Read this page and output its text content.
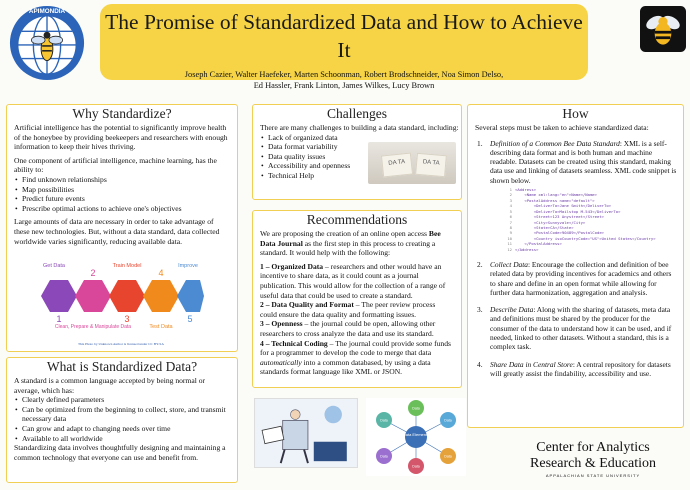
APIMONDIA The Promise of Standardized Data and How to Achieve It
Joseph Cazier, Walter Haefeker, Marten Schoonman, Robert Brodschneider, Noa Simon Delso,
Ed Hassler, Frank Linton, James Wilkes, Lucy Brown
Why Standardize?

Artificial intelligence has the potential to significantly improve health of the honeybee by providing beekeepers and researchers with enough information to keep their hives thriving.

One component of artificial intelligence, machine learning, has the ability to:

• Find unknown relationships
• Map possibilities
• Predict future events
• Prescribe optimal actions to achieve one's objectives

Large amounts of data are necessary in order to take advantage of these new technologies. But, without a data standard, data collected worldwide varies significantly, reducing available data.

1
2
3
4
5
Get Data	Train Model	Improve
Clean, Prepare & Manipulate Data	Test Data
This Photo by Unknown Author is licensed under CC BY-SA
What is Standardized Data?

A standard is a common language accepted by being normal or average, which has:

• Clearly defined parameters
• Can be optimized from the beginning to collect, store, and transmit necessary data
• Can grow and adapt to changing needs over time
• Available to all worldwide

Standardizing data involves thoughtfully designing and maintaining a common technology that everyone can use and benefit from.

Challenges

There are many challenges to building a data standard, including:

• Lack of organized data
• Data format variability
• Data quality issues
• Accessibility and openness
• Technical Help
DA TA	DA TA
Recommendations

We are proposing the creation of an online open access Bee Data Journal as the first step in this process to creating a standard. It would help with the following:

1 – Organized Data – researchers and other would have an incentive to share data, as it could count as a journal publication. This would allow for the collection of a range of useful data that could be used to create a standard.

2 – Data Quality and Format – The peer review process could ensure the data quality and formatting issues.

3 – Openness – the journal could be open, allowing other researchers to cross analyze the data and use its standard.

4 – Technical Coding – The journal could provide some funds for a programmer to develop the code to merge that data automatically into a common databased, by using a data standards format language like XML or JSON.

Data Elements
Data
Data
Data
Data
Data
Data
How

Several steps must be taken to achieve standardized data:

1. Definition of a Common Bee Data Standard: XML is a self-describing data format and is both human and machine readable. Datasets can be created using this standard, making data use and linking of datasets seamless. XML code snippet is shown below.
1 <Address>
2    <Name xml:lang="en">Name</Name>
3    <PostalAddress name="default">
4        <DeliverTo>Jane Smith</DeliverTo>
5        <DeliverTo>Mailstop M-543</DeliverTo>
6        <Street>123 Anystreet</Street>
7        <City>Sunnyvale</City>
8        <State>CA</State>
9        <PostalCode>90489</PostalCode>
10        <Country isoCountryCode="US">United States</Country>
11    </PostalAddress>
12 </Address>
2. Collect Data: Encourage the collection and definition of bee related data by providing incentives for academics and others to share and define in an open format while allowing for further data harmonization, aggregation and analysis.
3. Describe Data: Along with the sharing of datasets, meta data and definitions must be shared by the producer for the consumer of the data to understand how it can be used, and if needed, linked to other datasets. Without a standard, this is a complex task.
4. Share Data in Central Store: A central repository for datasets will greatly assist the findability, accessibility and use.
Center for Analytics
Research & Education
APPALACHIAN STATE UNIVERSITY
